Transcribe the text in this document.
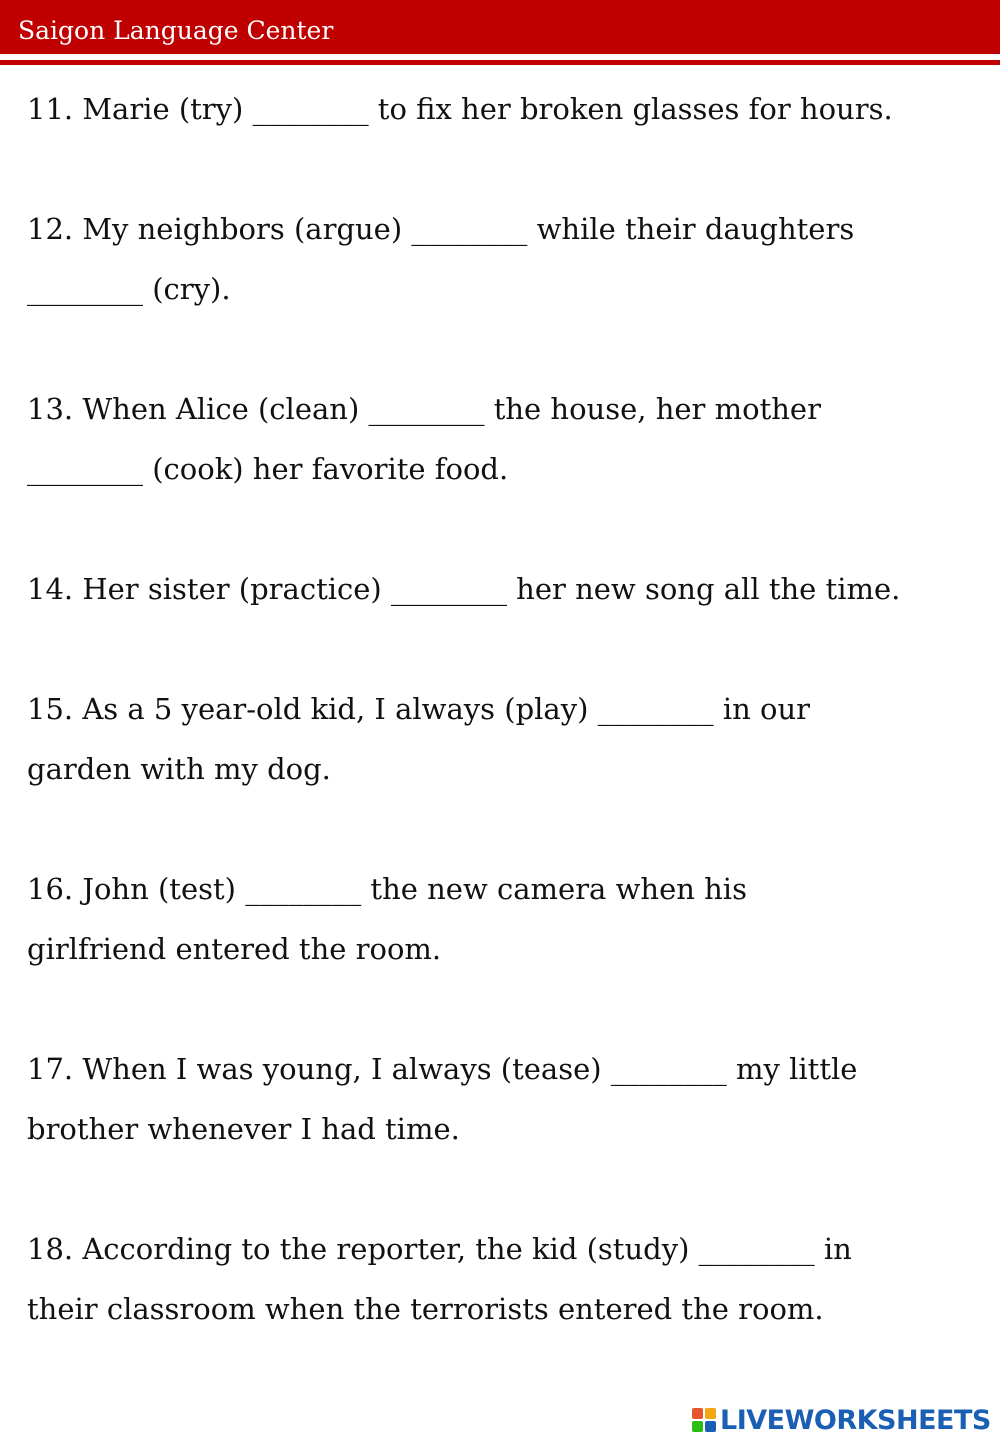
Saigon Language Center
11. Marie (try) ________ to fix her broken glasses for hours.
12. My neighbors (argue) ________ while their daughters
________ (cry).
13. When Alice (clean) ________ the house, her mother
________ (cook) her favorite food.
14. Her sister (practice) ________ her new song all the time.
15. As a 5 year-old kid, I always (play) ________ in our
garden with my dog.
16. John (test) ________ the new camera when his
girlfriend entered the room.
17. When I was young, I always (tease) ________ my little
brother whenever I had time.
18. According to the reporter, the kid (study) ________ in
their classroom when the terrorists entered the room.
LIVEWORKSHEETS
